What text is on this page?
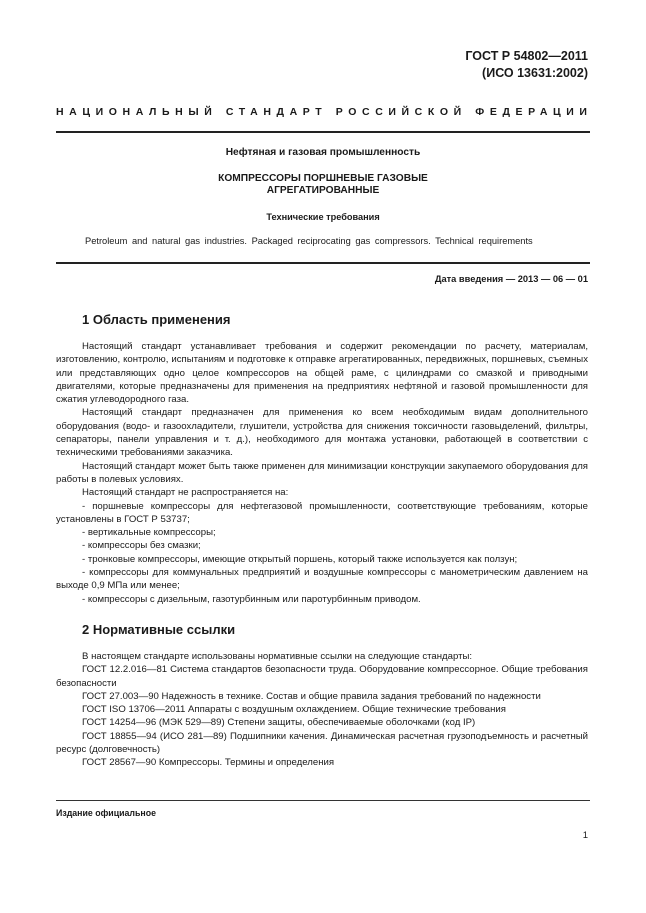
ГОСТ Р 54802—2011
(ИСО 13631:2002)
НАЦИОНАЛЬНЫЙ СТАНДАРТ РОССИЙСКОЙ ФЕДЕРАЦИИ
Нефтяная и газовая промышленность
КОМПРЕССОРЫ ПОРШНЕВЫЕ ГАЗОВЫЕ
АГРЕГАТИРОВАННЫЕ
Технические требования
Petroleum and natural gas industries. Packaged reciprocating gas compressors. Technical requirements
Дата введения — 2013 — 06 — 01
1 Область применения

Настоящий стандарт устанавливает требования и содержит рекомендации по расчету, материалам, изготовлению, контролю, испытаниям и подготовке к отправке агрегатированных, передвижных, поршневых, съемных или представляющих одно целое компрессоров на общей раме, с цилиндрами со смазкой и приводными двигателями, которые предназначены для применения на предприятиях нефтяной и газовой промышленности для сжатия углеводородного газа.

Настоящий стандарт предназначен для применения ко всем необходимым видам дополнительного оборудования (водо- и газоохладители, глушители, устройства для снижения токсичности газовыделений, фильтры, сепараторы, панели управления и т. д.), необходимого для монтажа установки, работающей в соответствии с техническими требованиями заказчика.

Настоящий стандарт может быть также применен для минимизации конструкции закупаемого оборудования для работы в полевых условиях.

Настоящий стандарт не распространяется на:

- поршневые компрессоры для нефтегазовой промышленности, соответствующие требованиям, которые установлены в ГОСТ Р 53737;

- вертикальные компрессоры;

- компрессоры без смазки;

- тронковые компрессоры, имеющие открытый поршень, который также используется как ползун;

- компрессоры для коммунальных предприятий и воздушные компрессоры с манометрическим давлением на выходе 0,9 МПа или менее;

- компрессоры с дизельным, газотурбинным или паротурбинным приводом.

2 Нормативные ссылки

В настоящем стандарте использованы нормативные ссылки на следующие стандарты:

ГОСТ 12.2.016—81 Система стандартов безопасности труда. Оборудование компрессорное. Общие требования безопасности

ГОСТ 27.003—90 Надежность в технике. Состав и общие правила задания требований по надежности

ГОСТ ISO 13706—2011 Аппараты с воздушным охлаждением. Общие технические требования

ГОСТ 14254—96 (МЭК 529—89) Степени защиты, обеспечиваемые оболочками (код IP)

ГОСТ 18855—94 (ИСО 281—89) Подшипники качения. Динамическая расчетная грузоподъемность и расчетный ресурс (долговечность)

ГОСТ 28567—90 Компрессоры. Термины и определения

Издание официальное
1
